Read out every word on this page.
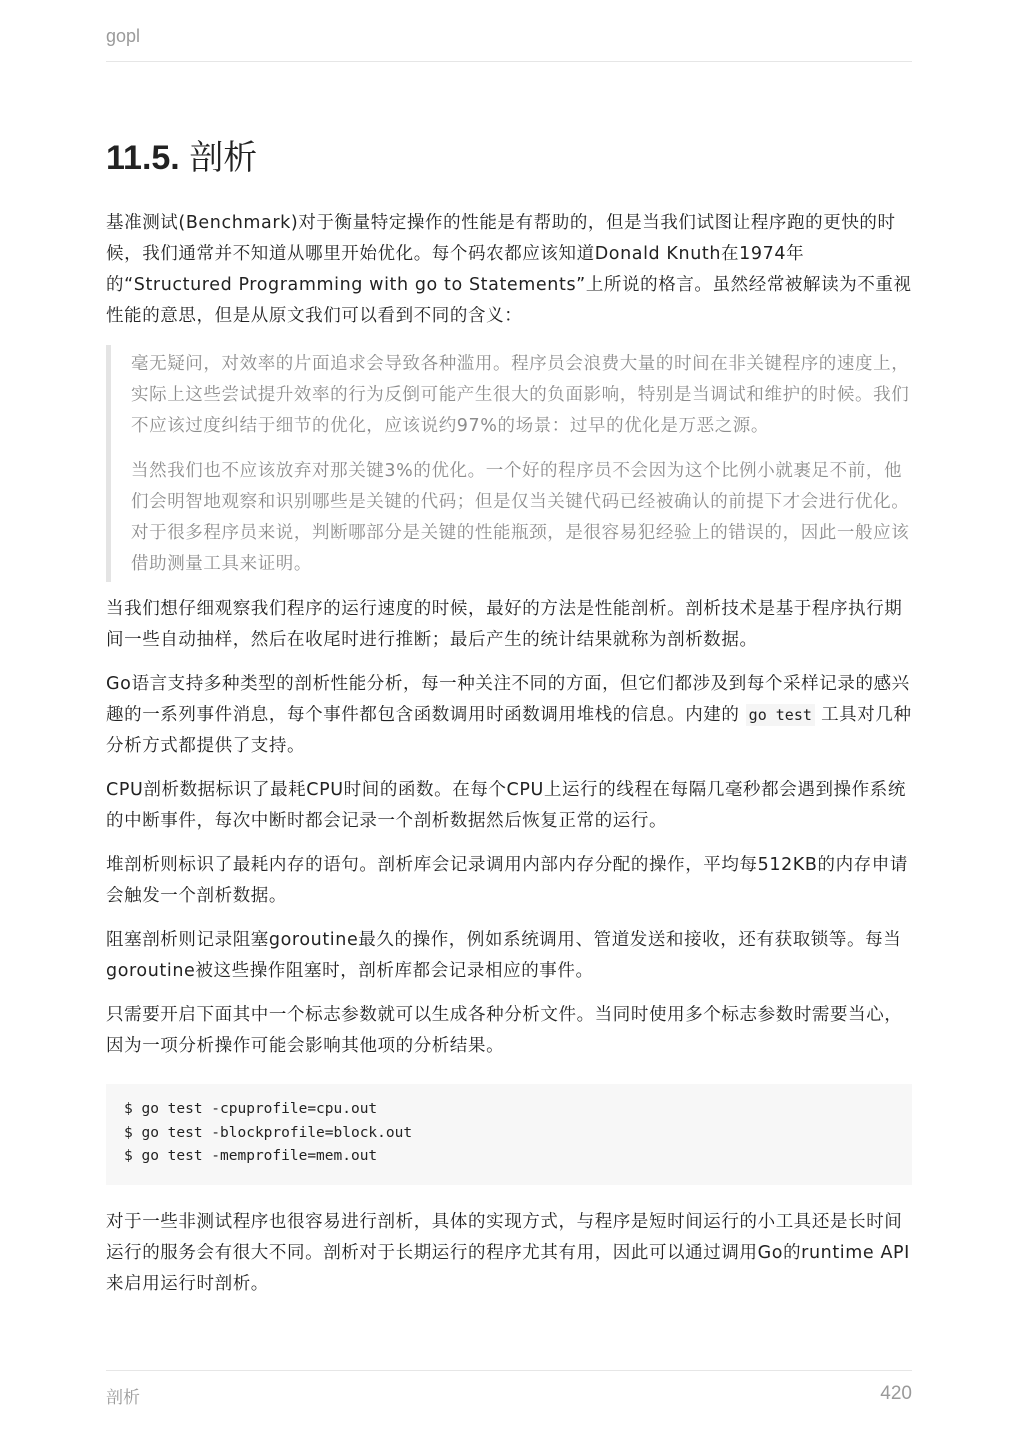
gopl
11.5. 剖析

基准测试(Benchmark)对于衡量特定操作的性能是有帮助的，但是当我们试图让程序跑的更快的时候，我们通常并不知道从哪里开始优化。每个码农都应该知道Donald Knuth在1974年的“Structured Programming with go to Statements”上所说的格言。虽然经常被解读为不重视性能的意思，但是从原文我们可以看到不同的含义：

毫无疑问，对效率的片面追求会导致各种滥用。程序员会浪费大量的时间在非关键程序的速度上，实际上这些尝试提升效率的行为反倒可能产生很大的负面影响，特别是当调试和维护的时候。我们不应该过度纠结于细节的优化，应该说约97%的场景：过早的优化是万恶之源。

当然我们也不应该放弃对那关键3%的优化。一个好的程序员不会因为这个比例小就裹足不前，他们会明智地观察和识别哪些是关键的代码；但是仅当关键代码已经被确认的前提下才会进行优化。对于很多程序员来说，判断哪部分是关键的性能瓶颈，是很容易犯经验上的错误的，因此一般应该借助测量工具来证明。

当我们想仔细观察我们程序的运行速度的时候，最好的方法是性能剖析。剖析技术是基于程序执行期间一些自动抽样，然后在收尾时进行推断；最后产生的统计结果就称为剖析数据。

Go语言支持多种类型的剖析性能分析，每一种关注不同的方面，但它们都涉及到每个采样记录的感兴趣的一系列事件消息，每个事件都包含函数调用时函数调用堆栈的信息。内建的 go test 工具对几种分析方式都提供了支持。

CPU剖析数据标识了最耗CPU时间的函数。在每个CPU上运行的线程在每隔几毫秒都会遇到操作系统的中断事件，每次中断时都会记录一个剖析数据然后恢复正常的运行。

堆剖析则标识了最耗内存的语句。剖析库会记录调用内部内存分配的操作，平均每512KB的内存申请会触发一个剖析数据。

阻塞剖析则记录阻塞goroutine最久的操作，例如系统调用、管道发送和接收，还有获取锁等。每当goroutine被这些操作阻塞时，剖析库都会记录相应的事件。

只需要开启下面其中一个标志参数就可以生成各种分析文件。当同时使用多个标志参数时需要当心，因为一项分析操作可能会影响其他项的分析结果。

$ go test -cpuprofile=cpu.out
$ go test -blockprofile=block.out
$ go test -memprofile=mem.out

对于一些非测试程序也很容易进行剖析，具体的实现方式，与程序是短时间运行的小工具还是长时间运行的服务会有很大不同。剖析对于长期运行的程序尤其有用，因此可以通过调用Go的runtime API来启用运行时剖析。

剖析	420
